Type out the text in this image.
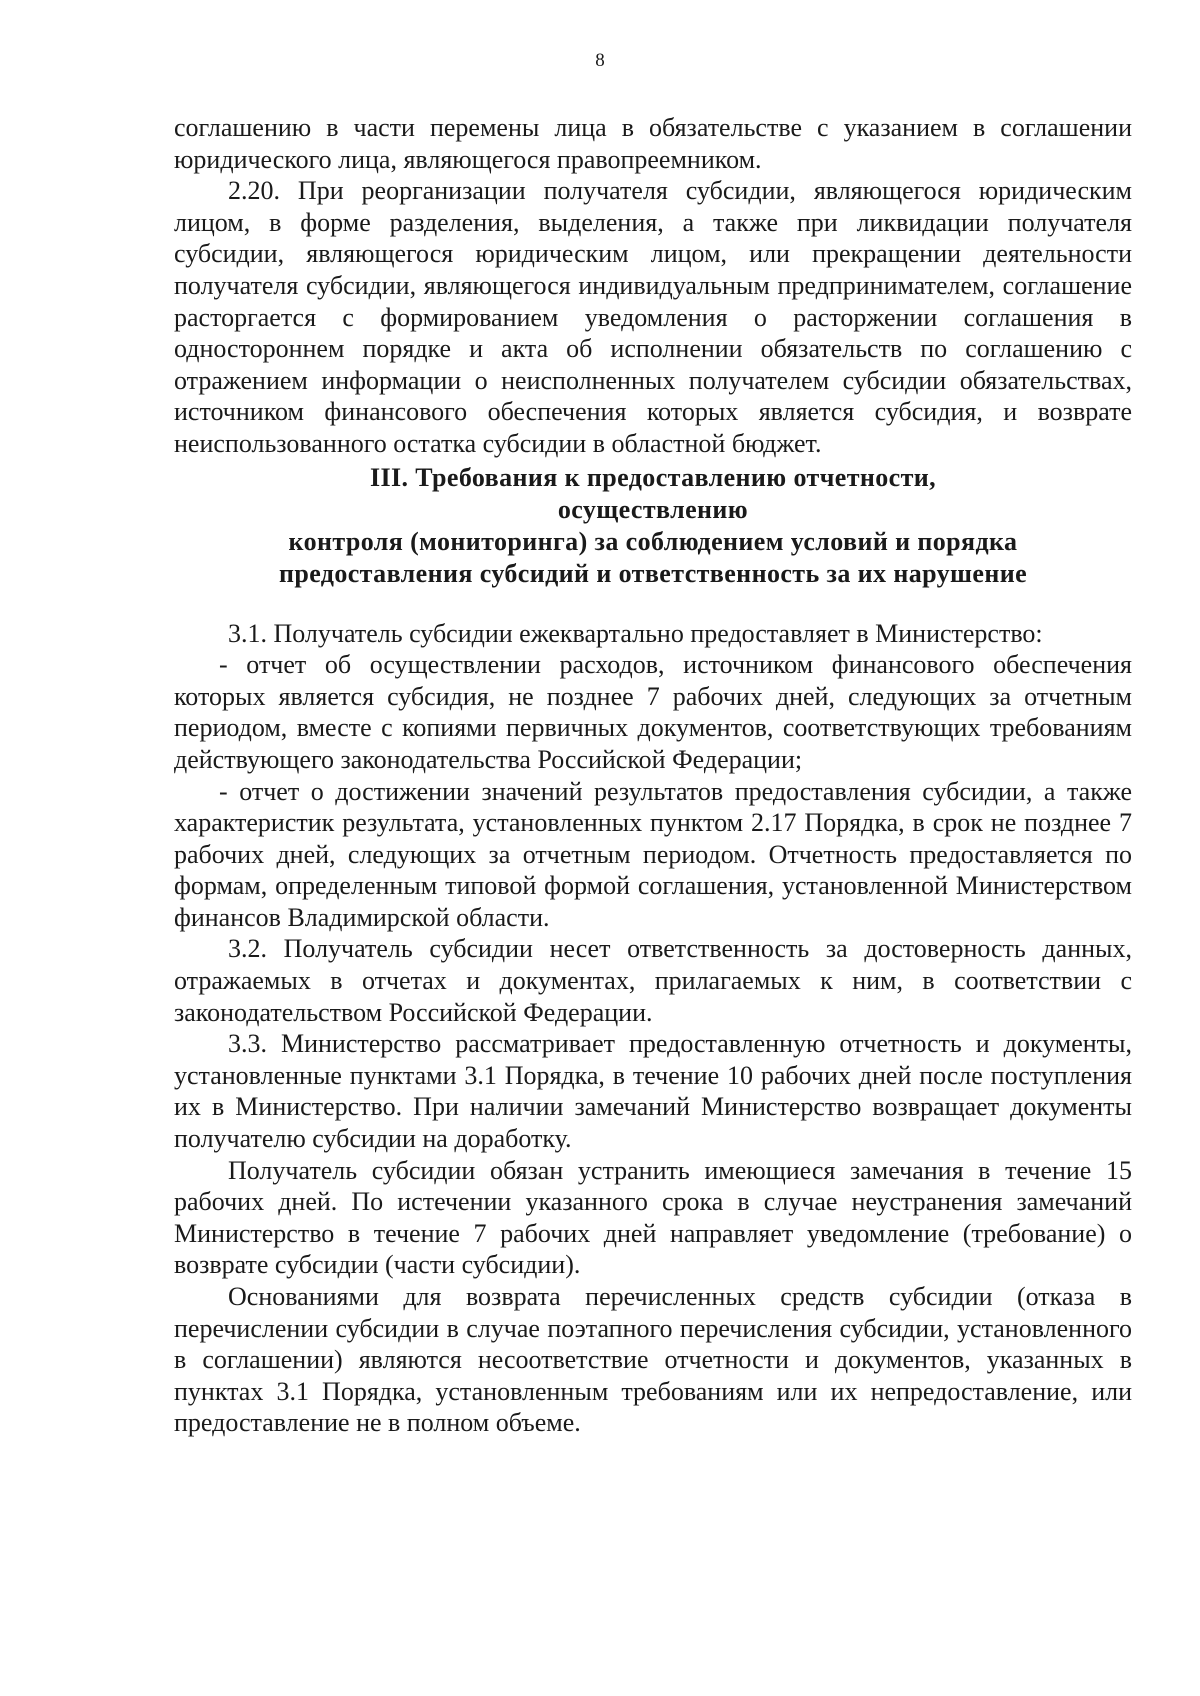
8

соглашению в части перемены лица в обязательстве с указанием в соглашении юридического лица, являющегося правопреемником.

2.20. При реорганизации получателя субсидии, являющегося юридическим лицом, в форме разделения, выделения, а также при ликвидации получателя субсидии, являющегося юридическим лицом, или прекращении деятельности получателя субсидии, являющегося индивидуальным предпринимателем, соглашение расторгается с формированием уведомления о расторжении соглашения в одностороннем порядке и акта об исполнении обязательств по соглашению с отражением информации о неисполненных получателем субсидии обязательствах, источником финансового обеспечения которых является субсидия, и возврате неиспользованного остатка субсидии в областной бюджет.

III. Требования к предоставлению отчетности,
осуществлению
контроля (мониторинга) за соблюдением условий и порядка
предоставления субсидий и ответственность за их нарушение

3.1. Получатель субсидии ежеквартально предоставляет в Министерство:

- отчет об осуществлении расходов, источником финансового обеспечения которых является субсидия, не позднее 7 рабочих дней, следующих за отчетным периодом, вместе с копиями первичных документов, соответствующих требованиям действующего законодательства Российской Федерации;

- отчет о достижении значений результатов предоставления субсидии, а также характеристик результата, установленных пунктом 2.17 Порядка, в срок не позднее 7 рабочих дней, следующих за отчетным периодом. Отчетность предоставляется по формам, определенным типовой формой соглашения, установленной Министерством финансов Владимирской области.

3.2. Получатель субсидии несет ответственность за достоверность данных, отражаемых в отчетах и документах, прилагаемых к ним, в соответствии с законодательством Российской Федерации.

3.3. Министерство рассматривает предоставленную отчетность и документы, установленные пунктами 3.1 Порядка, в течение 10 рабочих дней после поступления их в Министерство. При наличии замечаний Министерство возвращает документы получателю субсидии на доработку.

Получатель субсидии обязан устранить имеющиеся замечания в течение 15 рабочих дней. По истечении указанного срока в случае неустранения замечаний Министерство в течение 7 рабочих дней направляет уведомление (требование) о возврате субсидии (части субсидии).

Основаниями для возврата перечисленных средств субсидии (отказа в перечислении субсидии в случае поэтапного перечисления субсидии, установленного в соглашении) являются несоответствие отчетности и документов, указанных в пунктах 3.1 Порядка, установленным требованиям или их непредоставление, или предоставление не в полном объеме.
